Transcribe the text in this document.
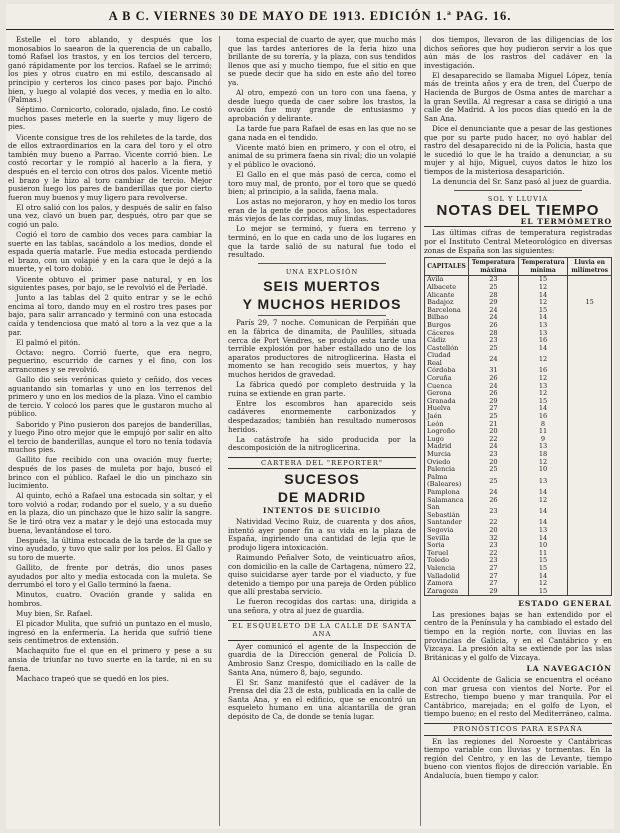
A B C. VIERNES 30 DE MAYO DE 1913. EDICIÓN 1.ª PAG. 16.

Estelle el toro ablando, y después que los monosabios lo saearon de la querencia de un caballo, tomó Rafael los trastos, y en los tercios del tercero, ganó rápidamente por los tercios. Rafael se le arrimó; los pies y otros cuatro en mi estilo, descansado al principio y certeros los cinco pases por bajo. Pinchó bien, y luego al volapié dos veces, y media en lo alto. (Palmas.)

Séptimo. Cornicorto, colorado, ojalado, fino. Le costó muchos pases meterle en la suerte y muy ligero de pies.

Vicente consigue tres de los rehiletes de la tarde, dos de ellos extraordinarios en la cara del toro y el otro también muy bueno a Parrao. Vicente corrió bien. Le costó recortar y le rompió al hacerlo a la fiera, y después en el tercio con otros dos palos. Vicente metió el brazo y le hizo al toro cambiar de tercio. Mejor pusieron luego los pares de banderillas que por cierto fueron muy buenos y muy ligero para revolverse.

El otro salió con los palos, y después de salir en falso una vez, clavó un buen par, después, otro par que se cogió un palo.

Cogió el toro de cambio dos veces para cambiar la suerte en las tablas, sacándolo a los medios, donde el espada quería matarle. Fue media estocada perdiendo el brazo, con un volapié y en la cara que le dejó a la muerte, y el toro dobló.

Vicente obtuvo el primer pase natural, y en los siguientes pases, por bajo, se le revolvió el de Perladé.

Junto a las tablas del 2 quito entrar y se le echó encima al toro, dando muy en el rostro tres pases por bajo, para salir arrancado y terminó con una estocada caída y tendenciosa que mató al toro a la vez que a la par.

El palmó el pitón.

Octavo: negro. Corrió fuerte, que era negro, peguerino, escurrido de carnes y el fino, con los arrancones y se revolvió.

Gallo dio seis verónicas quieto y ceñido, dos veces aguantando sin tomarlas y uno en los terrenos del primero y uno en los medios de la plaza. Vino el cambio de tercio. Y colocó los pares que le gustaron mucho al público.

Saborido y Pino pusieron dos parejos de banderillas, y luego Pino otro mejor que le empujó por salir en alto el tercio de banderillas, aunque el toro no tenía todavía muchos pies.

Gallito fue recibido con una ovación muy fuerte; después de los pases de muleta por bajo, buscó el brinco con el público. Rafael le dio un pinchazo sin lucimiento.

Al quinto, echó a Rafael una estocada sin soltar, y el toro volvió a rodar, rodando por el suelo, y a su dueño en la plaza, dio un pinchazo que le hizo salir la sangre. Se le tiró otra vez a matar y le dejó una estocada muy buena, levantándose el toro.

Después, la última estocada de la tarde de la que se vino ayudado, y tuvo que salir por los pelos. El Gallo y su toro de muerte.

Gallito, de frente por detrás, dio unos pases ayudados por alto y media estocada con la muleta. Se derrumbó el toro y el Gallo terminó la faena.

Minutos, cuatro. Ovación grande y salida en hombros.

Muy bien, Sr. Rafael.

El picador Mulita, que sufrió un puntazo en el muslo, ingresó en la enfermería. La herida que sufrió tiene seis centímetros de extensión.

Machaquito fue el que en el primero y pese a su ansia de triunfar no tuvo suerte en la tarde, ni en su faena.

Machaco trapeó que se quedó en los pies.

toma especial de cuarto de ayer, que mucho más que las tardes anteriores de la feria hizo una brillante de su torería, y la plaza, con sus tendidos llenos que así y mucho tiempo, fue el sitio en que se puede decir que ha sido en este año del toreo ya.

Al otro, empezó con un toro con una faena, y desde luego queda de caer sobre los trastos, la ovación fue muy grande de entusiasmo y aprobación y delirante.

La tarde fue para Rafael de esas en las que no se gana nada en el tendido.

Vicente mató bien en primero, y con el otro, el animal de su primera faena sin rival; dio un volapié y el público le ovacionó.

El Gallo en el que más pasó de cerca, como el toro muy mal, de pronto, por el toro que se quedó bien; al principio, a la salida, faena mala.

Los astas no mejoraron, y hoy en medio los toros eran de la gente de pocos años, los espectadores más viejos de las corridas, muy lindas.

Lo mejor se terminó, y fuera en terreno y terminó, en lo que en cada uno de los lugares en que la tarde salió de su natural fue todo el resultado.

UNA EXPLOSIÓN
SEIS MUERTOS
Y MUCHOS HERIDOS

París 29, 7 noche. Comunican de Perpiñán que en la fábrica de dinamita, de Paulilles, situada cerca de Port Vendres, se produjo esta tarde una terrible explosión por haber estallado uno de los aparatos productores de nitroglicerina. Hasta el momento se han recogido seis muertos, y hay muchos heridos de gravedad.

La fábrica quedó por completo destruida y la ruina se extiende en gran parte.

Entre los escombros han aparecido seis cadáveres enormemente carbonizados y despedazados; también han resultado numerosos heridos.

La catástrofe ha sido producida por la descomposición de la nitroglicerina.

CARTERA DEL "REPORTER"
SUCESOS
DE MADRID
INTENTOS DE SUICIDIO

Natividad Vecino Ruiz, de cuarenta y dos años, intentó ayer poner fin a su vida en la plaza de España, ingiriendo una cantidad de lejía que le produjo ligera intoxicación.

Raimundo Peñalver Soto, de veinticuatro años, con domicilio en la calle de Cartagena, número 22, quiso suicidarse ayer tarde por el viaducto, y fue detenido a tiempo por una pareja de Orden público que allí prestaba servicio.

Le fueron recogidas dos cartas: una, dirigida a una señora, y otra al juez de guardia.

EL ESQUELETO DE LA CALLE DE SANTA ANA

Ayer comunicó el agente de la Inspección de guardia de la Dirección general de Policía D. Ambrosio Sanz Crespo, domiciliado en la calle de Santa Ana, número 8, bajo, segundo.

El Sr. Sanz manifestó que el cadáver de la Prensa del día 23 de esta, publicada en la calle de Santa Ana, y en el edificio, que se encontró un esqueleto humano en una alcantarilla de gran depósito de Ca, de donde se tenía lugar.

dos tiempos, llevaron de las diligencias de los dichos señores que hoy pudieron servir a los que aún más de los rastros del cadáver en la investigación.

El desaparecido se llamaba Miguel López, tenía más de treinta años y era de tren, del Cuerpo de Hacienda de Burgos de Osma antes de marchar a la gran Sevilla. Al regresar a casa se dirigió a una calle de Madrid. A los pocos días quedó en la de San Ana.

Dice el denunciante que a pesar de las gestiones que por su parte pudo hacer, no oyó hablar del rastro del desaparecido ni de la Policía, hasta que le sucedió lo que le ha traído a denunciar, a su mujer y al hijo, Miguel, cuyos datos le hizo los tiempos de la misteriosa desaparición.

La denuncia del Sr. Sanz pasó al juez de guardia.

SOL Y LLUVIA
NOTAS DEL TIEMPO
EL TERMÓMETRO

Las últimas cifras de temperatura registradas por el Instituto Central Meteorológico en diversas zonas de España son las siguientes:

CAPITALES	Temperatura máxima	Temperatura mínima	Lluvia en milímetros
Ávila	23	15	
Albacete	25	12	
Alicante	28	14	
Badajoz	29	12	15
Barcelona	24	15	
Bilbao	24	14	
Burgos	26	13	
Cáceres	28	13	
Cádiz	23	16	
Castellón	25	14	
Ciudad Real	24	12	
Córdoba	31	16	
Coruña	26	12	
Cuenca	24	13	
Gerona	26	12	
Granada	29	15	
Huelva	27	14	
Jaén	25	16	
León	21	8	
Logroño	20	11	
Lugo	22	9	
Madrid	24	13	
Murcia	23	18	
Oviedo	20	12	
Palencia	25	10	
Palma (Baleares)	25	13	
Pamplona	24	14	
Salamanca	26	12	
San Sebastián	23	14	
Santander	22	14	
Segovia	20	13	
Sevilla	32	14	
Soria	23	10	
Teruel	22	11	
Toledo	23	15	
Valencia	27	15	
Valladolid	27	14	
Zamora	27	12	
Zaragoza	29	15	
ESTADO GENERAL

Las presiones bajas se han extendido por el centro de la Península y ha cambiado el estado del tiempo en la región norte, con lluvias en las provincias de Galicia, y en el Cantábrico y en Vizcaya. La presión alta se extiende por las islas Británicas y el golfo de Vizcaya.

LA NAVEGACIÓN

Al Occidente de Galicia se encuentra el océano con mar gruesa con vientos del Norte. Por el Estrecho, tiempo bueno y mar tranquila. Por el Cantábrico, marejada; en el golfo de Lyon, el tiempo bueno; en el resto del Mediterráneo, calma.

PRONÓSTICOS PARA ESPAÑA

En las regiones del Noroeste y Cantábricas tiempo variable con lluvias y tormentas. En la región del Centro, y en las de Levante, tiempo bueno con vientos flojos de dirección variable. En Andalucía, buen tiempo y calor.
